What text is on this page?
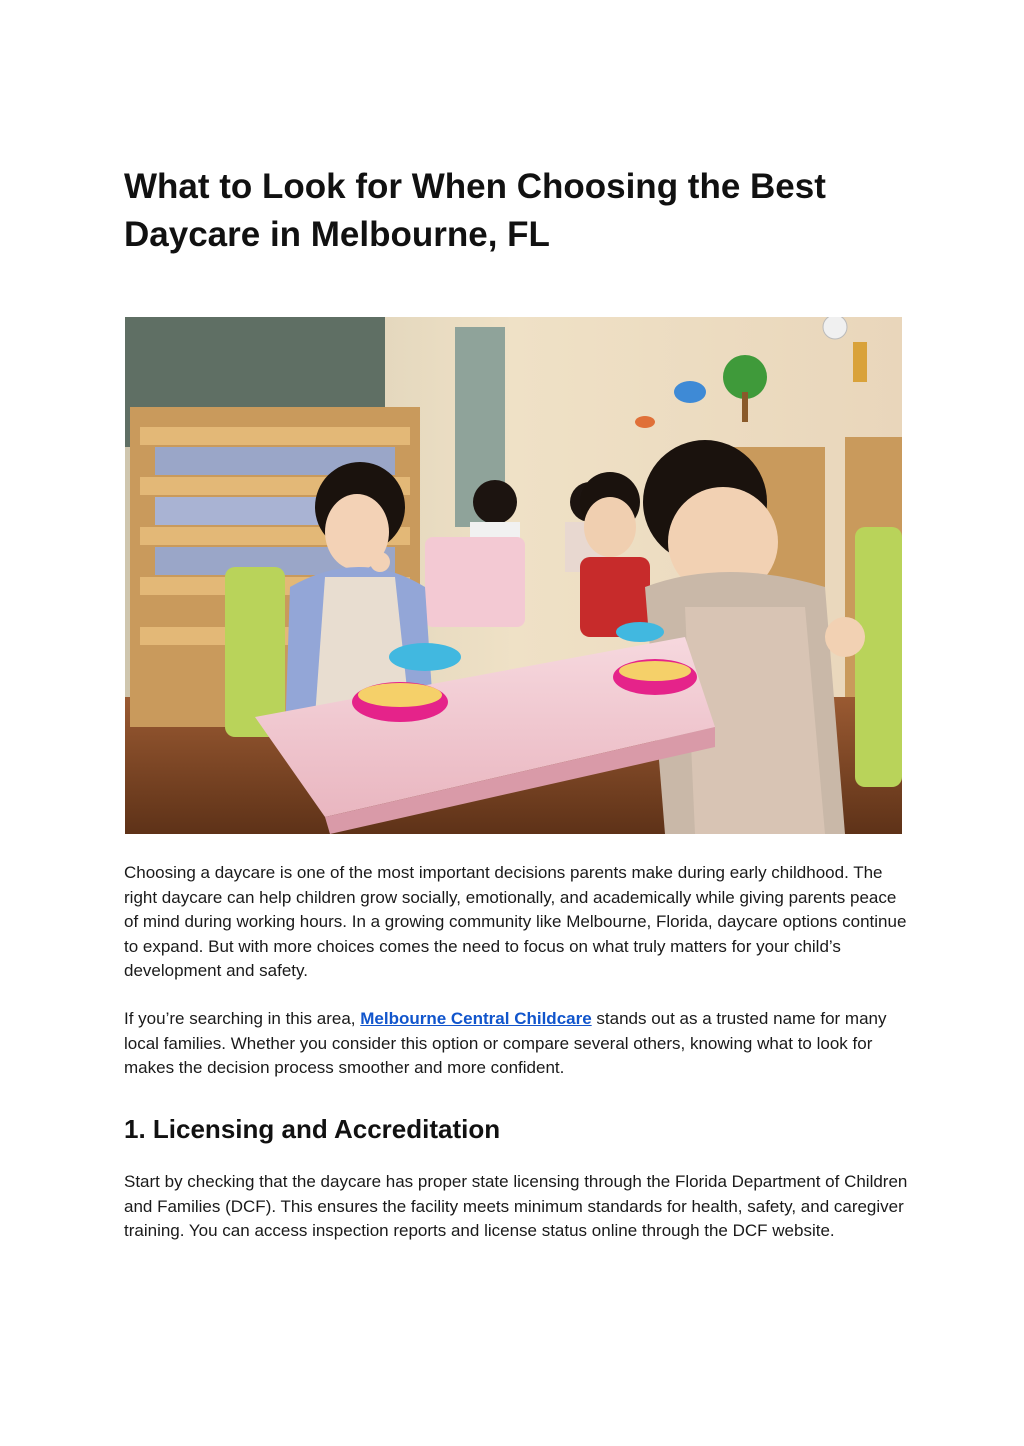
What to Look for When Choosing the Best
Daycare in Melbourne, FL

Choosing a daycare is one of the most important decisions parents make during early childhood. The right daycare can help children grow socially, emotionally, and academically while giving parents peace of mind during working hours. In a growing community like Melbourne, Florida, daycare options continue to expand. But with more choices comes the need to focus on what truly matters for your child’s development and safety.

If you’re searching in this area, Melbourne Central Childcare stands out as a trusted name for many local families. Whether you consider this option or compare several others, knowing what to look for makes the decision process smoother and more confident.

1. Licensing and Accreditation

Start by checking that the daycare has proper state licensing through the Florida Department of Children and Families (DCF). This ensures the facility meets minimum standards for health, safety, and caregiver training. You can access inspection reports and license status online through the DCF website.
